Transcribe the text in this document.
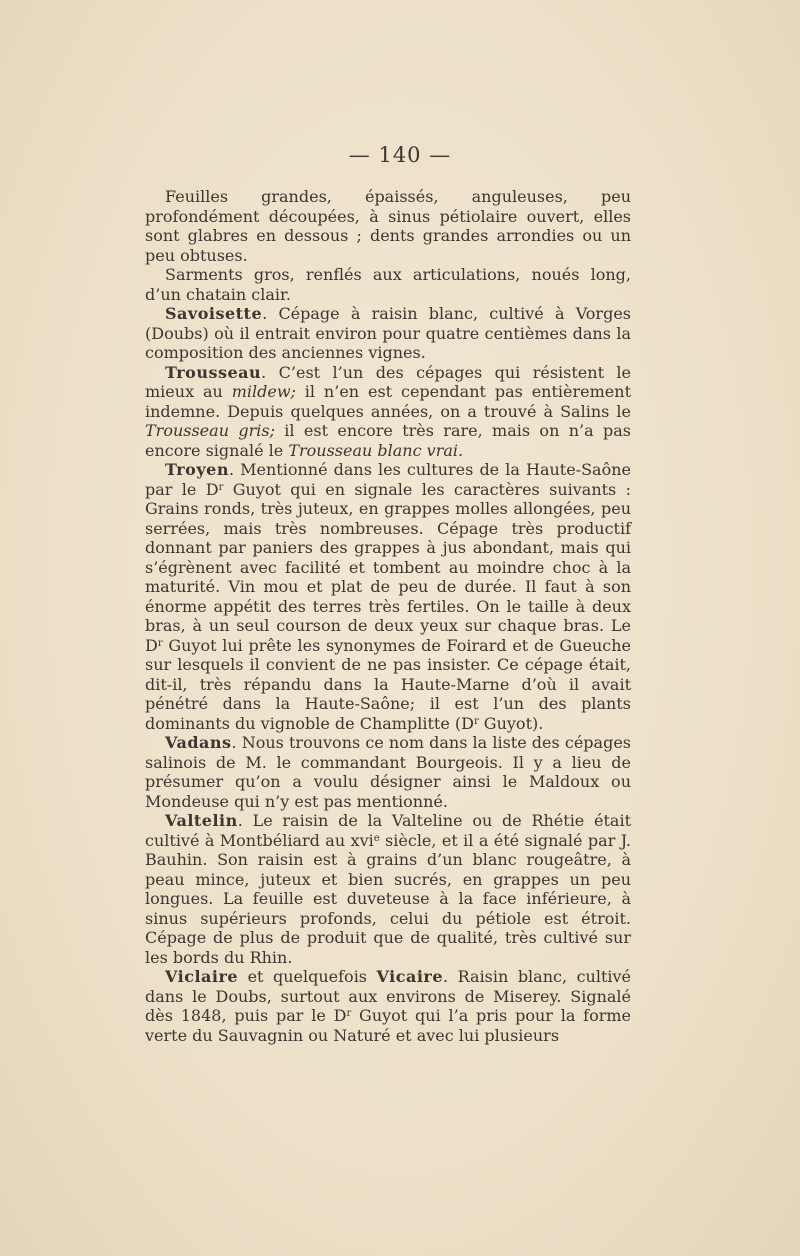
— 140 —

Feuilles grandes, épaissés, anguleuses, peu profondément découpées, à sinus pétiolaire ouvert, elles sont glabres en dessous ; dents grandes arrondies ou un peu obtuses.

Sarments gros, renflés aux articulations, noués long, d’un chatain clair.

Savoisette. Cépage à raisin blanc, cultivé à Vorges (Doubs) où il entrait environ pour quatre centièmes dans la composition des anciennes vignes.

Trousseau. C’est l’un des cépages qui résistent le mieux au mildew; il n’en est cependant pas entièrement indemne. Depuis quelques années, on a trouvé à Salins le Trousseau gris; il est encore très rare, mais on n’a pas encore signalé le Trousseau blanc vrai.

Troyen. Mentionné dans les cultures de la Haute-Saône par le $D^r$ Guyot qui en signale les caractères suivants : Grains ronds, très juteux, en grappes molles allongées, peu serrées, mais très nombreuses. Cépage très productif donnant par paniers des grappes à jus abondant, mais qui s’égrènent avec facilité et tombent au moindre choc à la maturité. Vin mou et plat de peu de durée. Il faut à son énorme appétit des terres très fertiles. On le taille à deux bras, à un seul courson de deux yeux sur chaque bras. Le $D^r$ Guyot lui prête les synonymes de Foirard et de Gueuche sur lesquels il convient de ne pas insister. Ce cépage était, dit-il, très répandu dans la Haute-Marne d’où il avait pénétré dans la Haute-Saône; il est l’un des plants dominants du vignoble de Champlitte ($D^r$ Guyot).

Vadans. Nous trouvons ce nom dans la liste des cépages salinois de M. le commandant Bourgeois. Il y a lieu de présumer qu’on a voulu désigner ainsi le Maldoux ou Mondeuse qui n’y est pas mentionné.

Valtelin. Le raisin de la Valteline ou de Rhétie était cultivé à Montbéliard au xvi$^e$ siècle, et il a été signalé par J. Bauhin. Son raisin est à grains d’un blanc rougeâtre, à peau mince, juteux et bien sucrés, en grappes un peu longues. La feuille est duveteuse à la face inférieure, à sinus supérieurs profonds, celui du pétiole est étroit. Cépage de plus de produit que de qualité, très cultivé sur les bords du Rhin.

Viclaire et quelquefois Vicaire. Raisin blanc, cultivé dans le Doubs, surtout aux environs de Miserey. Signalé dès 1848, puis par le $D^r$ Guyot qui l’a pris pour la forme verte du Sauvagnin ou Naturé et avec lui plusieurs
